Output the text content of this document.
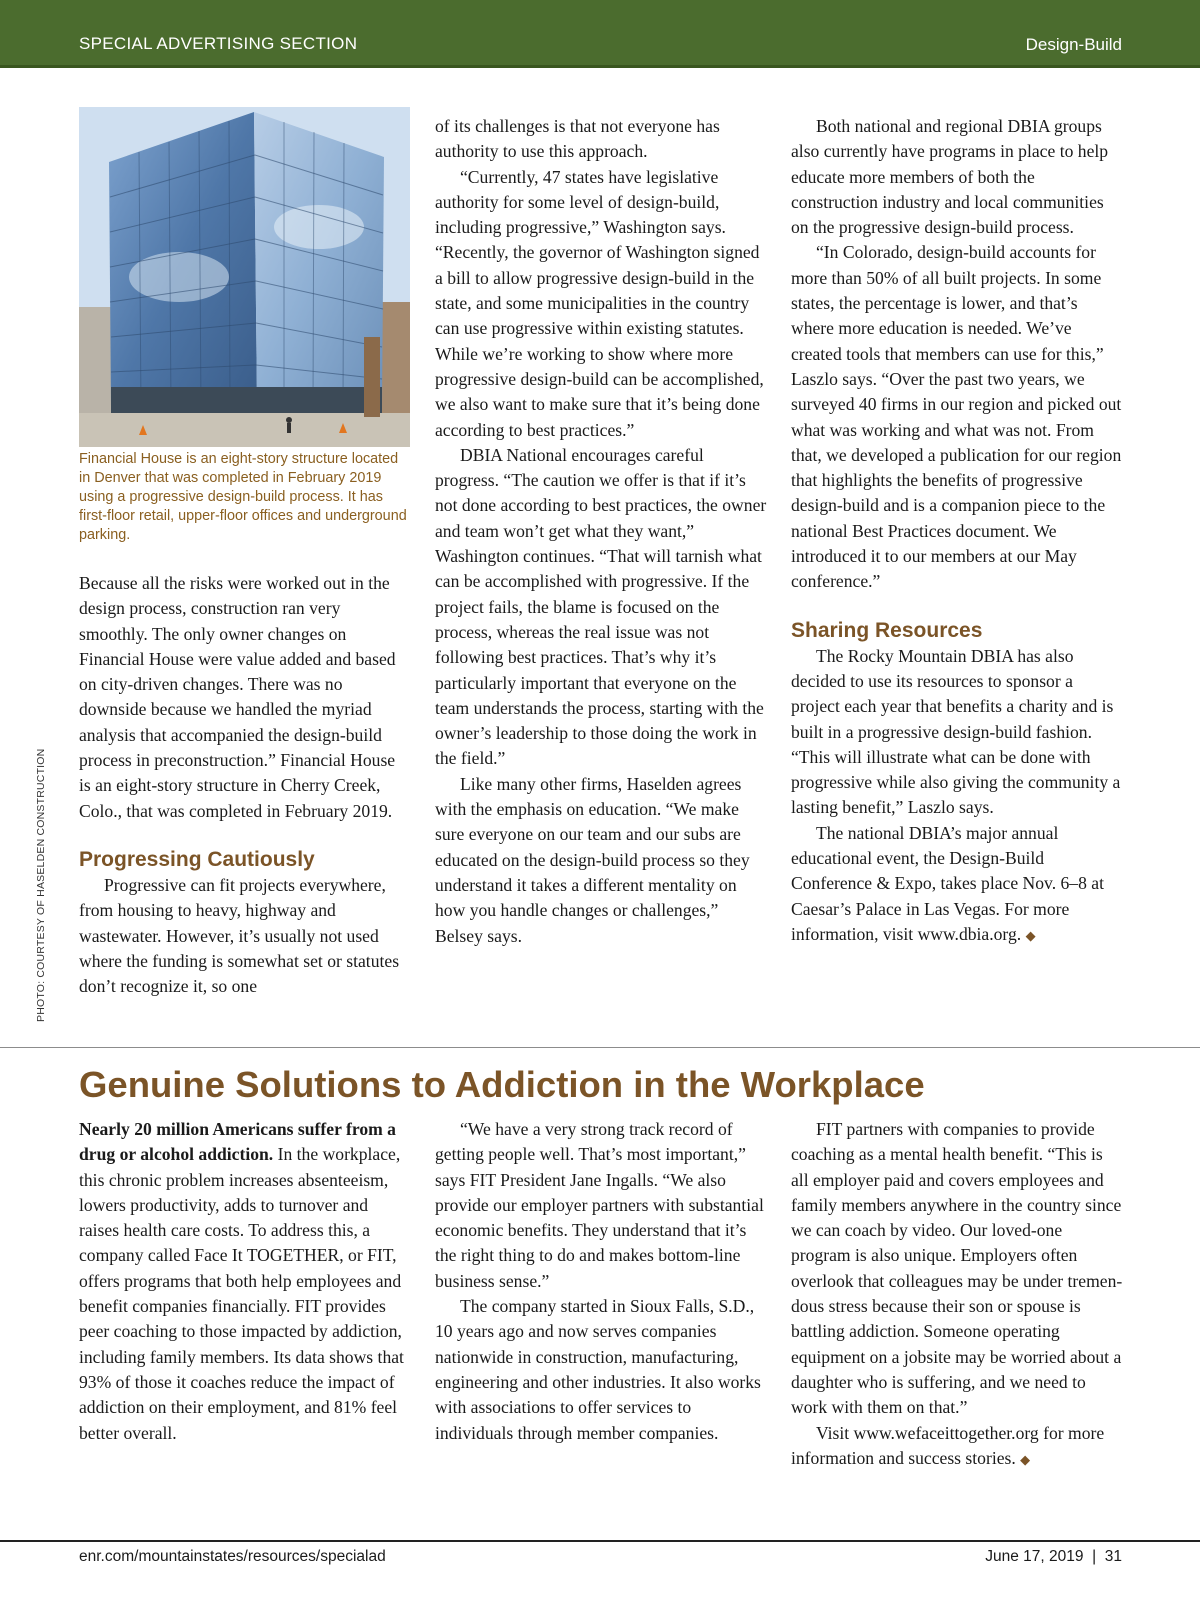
SPECIAL ADVERTISING SECTION	Design-Build
Financial House is an eight-story structure located in Denver that was completed in February 2019 using a progressive design-build process. It has first-floor retail, upper-floor offices and underground parking.
PHOTO: COURTESY OF HASELDEN CONSTRUCTION

Because all the risks were worked out in the design process, construction ran very smoothly. The only owner changes on Financial House were value added and based on city-driven changes. There was no downside because we handled the myriad analysis that accompanied the design-build process in preconstruction.” Financial House is an eight-story structure in Cherry Creek, Colo., that was completed in February 2019.

Progressing Cautiously

Progressive can fit projects everywhere, from housing to heavy, highway and wastewater. However, it’s usually not used where the funding is somewhat set or statutes don’t recognize it, so one

of its challenges is that not everyone has authority to use this approach.

“Currently, 47 states have legislative authority for some level of design-build, including progressive,” Washington says. “Recently, the governor of Washington signed a bill to allow progressive design-build in the state, and some municipalities in the country can use progressive within existing statutes. While we’re working to show where more progressive design-build can be accomplished, we also want to make sure that it’s being done according to best practices.”

DBIA National encourages careful progress. “The caution we offer is that if it’s not done according to best practices, the owner and team won’t get what they want,” Washington continues. “That will tarnish what can be accomplished with progressive. If the project fails, the blame is focused on the process, whereas the real issue was not following best practices. That’s why it’s particularly important that everyone on the team understands the process, starting with the owner’s leadership to those doing the work in the field.”

Like many other firms, Haselden agrees with the emphasis on education. “We make sure everyone on our team and our subs are educated on the design-build process so they understand it takes a different mentality on how you handle changes or challenges,” Belsey says.

Both national and regional DBIA groups also currently have programs in place to help educate more members of both the construction industry and local communities on the progressive design-build process.

“In Colorado, design-build accounts for more than 50% of all built projects. In some states, the percentage is lower, and that’s where more education is needed. We’ve created tools that members can use for this,” Laszlo says. “Over the past two years, we surveyed 40 firms in our region and picked out what was working and what was not. From that, we developed a publication for our region that highlights the benefits of progressive design-build and is a companion piece to the national Best Practices document. We introduced it to our members at our May conference.”

Sharing Resources

The Rocky Mountain DBIA has also decided to use its resources to sponsor a project each year that benefits a charity and is built in a progressive design-build fashion. “This will illustrate what can be done with progressive while also giving the community a lasting benefit,” Laszlo says.

The national DBIA’s major annual educational event, the Design-Build Conference & Expo, takes place Nov. 6–8 at Caesar’s Palace in Las Vegas. For more information, visit www.dbia.org. ◆

Genuine Solutions to Addiction in the Workplace

Nearly 20 million Americans suffer from a drug or alcohol addiction. In the workplace, this chronic problem increases absenteeism, lowers productivity, adds to turnover and raises health care costs. To address this, a company called Face It TOGETHER, or FIT, offers programs that both help employees and benefit companies financially. FIT provides peer coaching to those impacted by addiction, including family members. Its data shows that 93% of those it coaches reduce the impact of addiction on their employment, and 81% feel better overall.

“We have a very strong track record of getting people well. That’s most important,” says FIT President Jane Ingalls. “We also provide our employer partners with substantial economic benefits. They understand that it’s the right thing to do and makes bottom-line business sense.”

The company started in Sioux Falls, S.D., 10 years ago and now serves companies nationwide in construction, manufacturing, engineering and other industries. It also works with associations to offer services to individuals through member companies.

FIT partners with companies to provide coaching as a mental health benefit. “This is all employer paid and covers employees and family members anywhere in the country since we can coach by video. Our loved-one program is also unique. Employers often overlook that colleagues may be under tremendous stress because their son or spouse is battling addiction. Someone operating equipment on a jobsite may be worried about a daughter who is suffering, and we need to work with them on that.”

Visit www.wefaceittogether.org for more information and success stories. ◆

enr.com/mountainstates/resources/specialad	June 17, 2019  |  31
